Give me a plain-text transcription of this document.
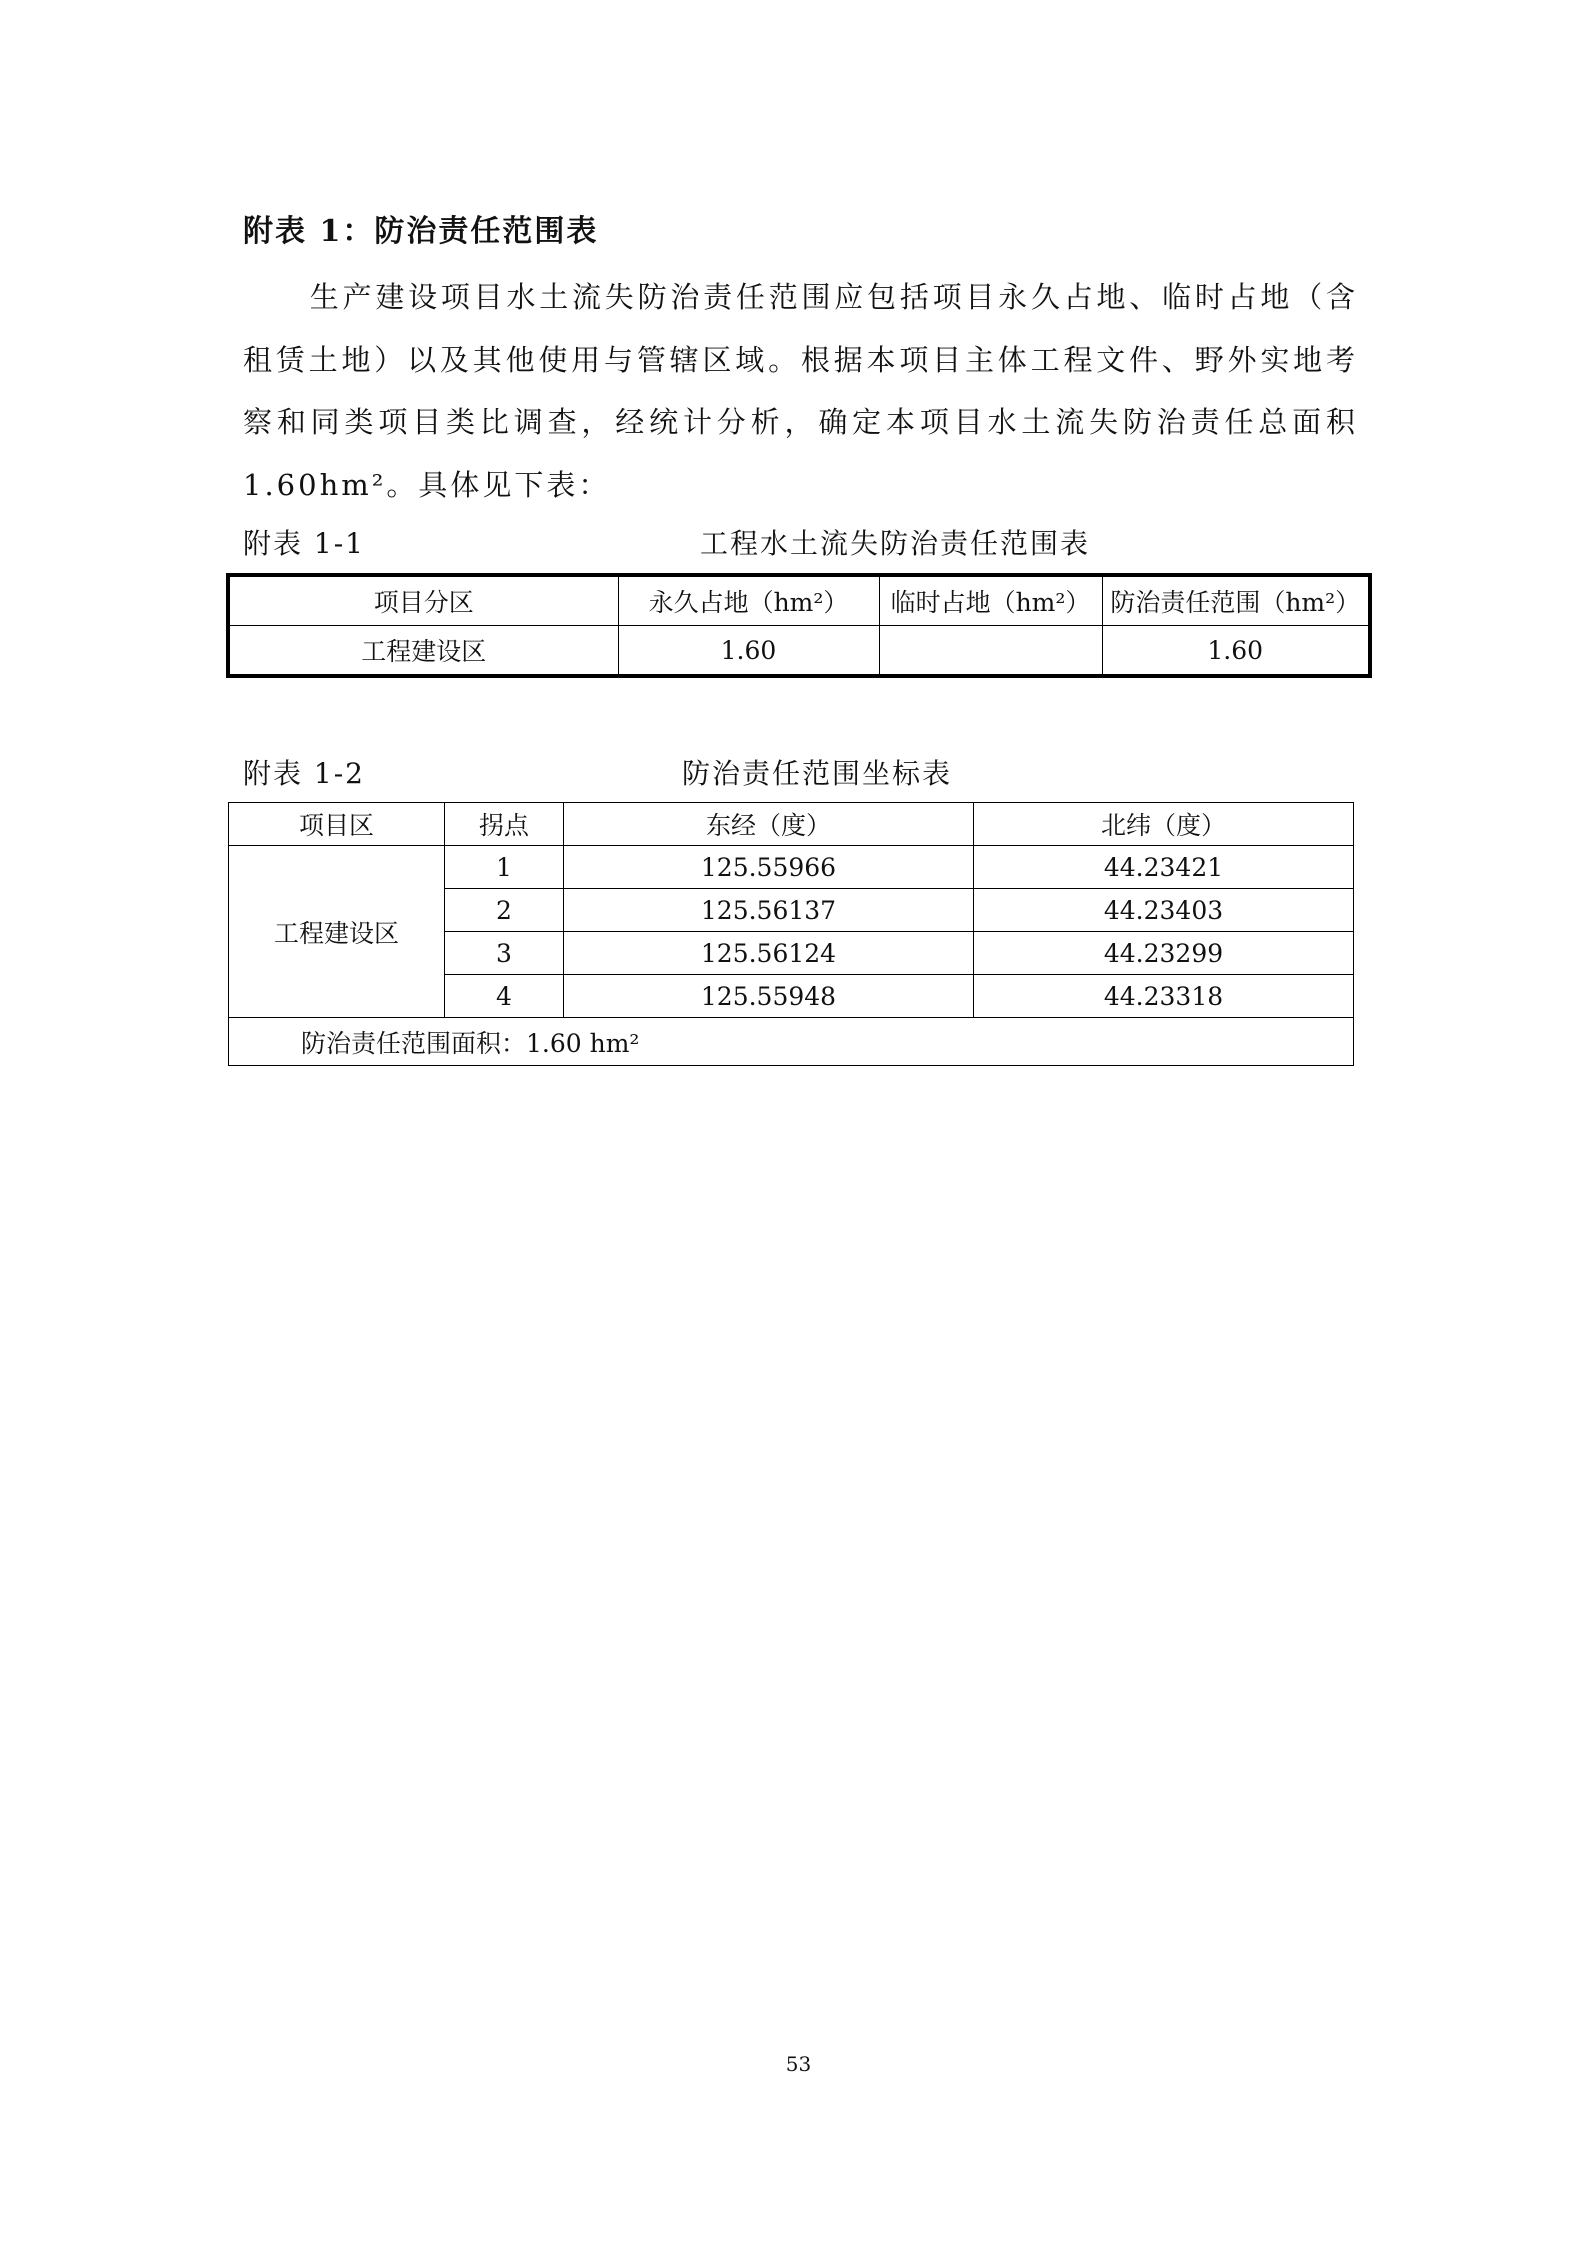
附表 1：防治责任范围表
生产建设项目水土流失防治责任范围应包括项目永久占地、临时占地（含租赁土地）以及其他使用与管辖区域。根据本项目主体工程文件、野外实地考察和同类项目类比调查，经统计分析，确定本项目水土流失防治责任总面积 1.60hm²。具体见下表：
附表 1-1	工程水土流失防治责任范围表
项目分区	永久占地（hm²）	临时占地（hm²）	防治责任范围（hm²）
工程建设区	1.60		1.60
附表 1-2	防治责任范围坐标表
项目区	拐点	东经（度）	北纬（度）
工程建设区	1	125.55966	44.23421
	2	125.56137	44.23403
	3	125.56124	44.23299
	4	125.55948	44.23318
防治责任范围面积：1.60 hm²			
53
